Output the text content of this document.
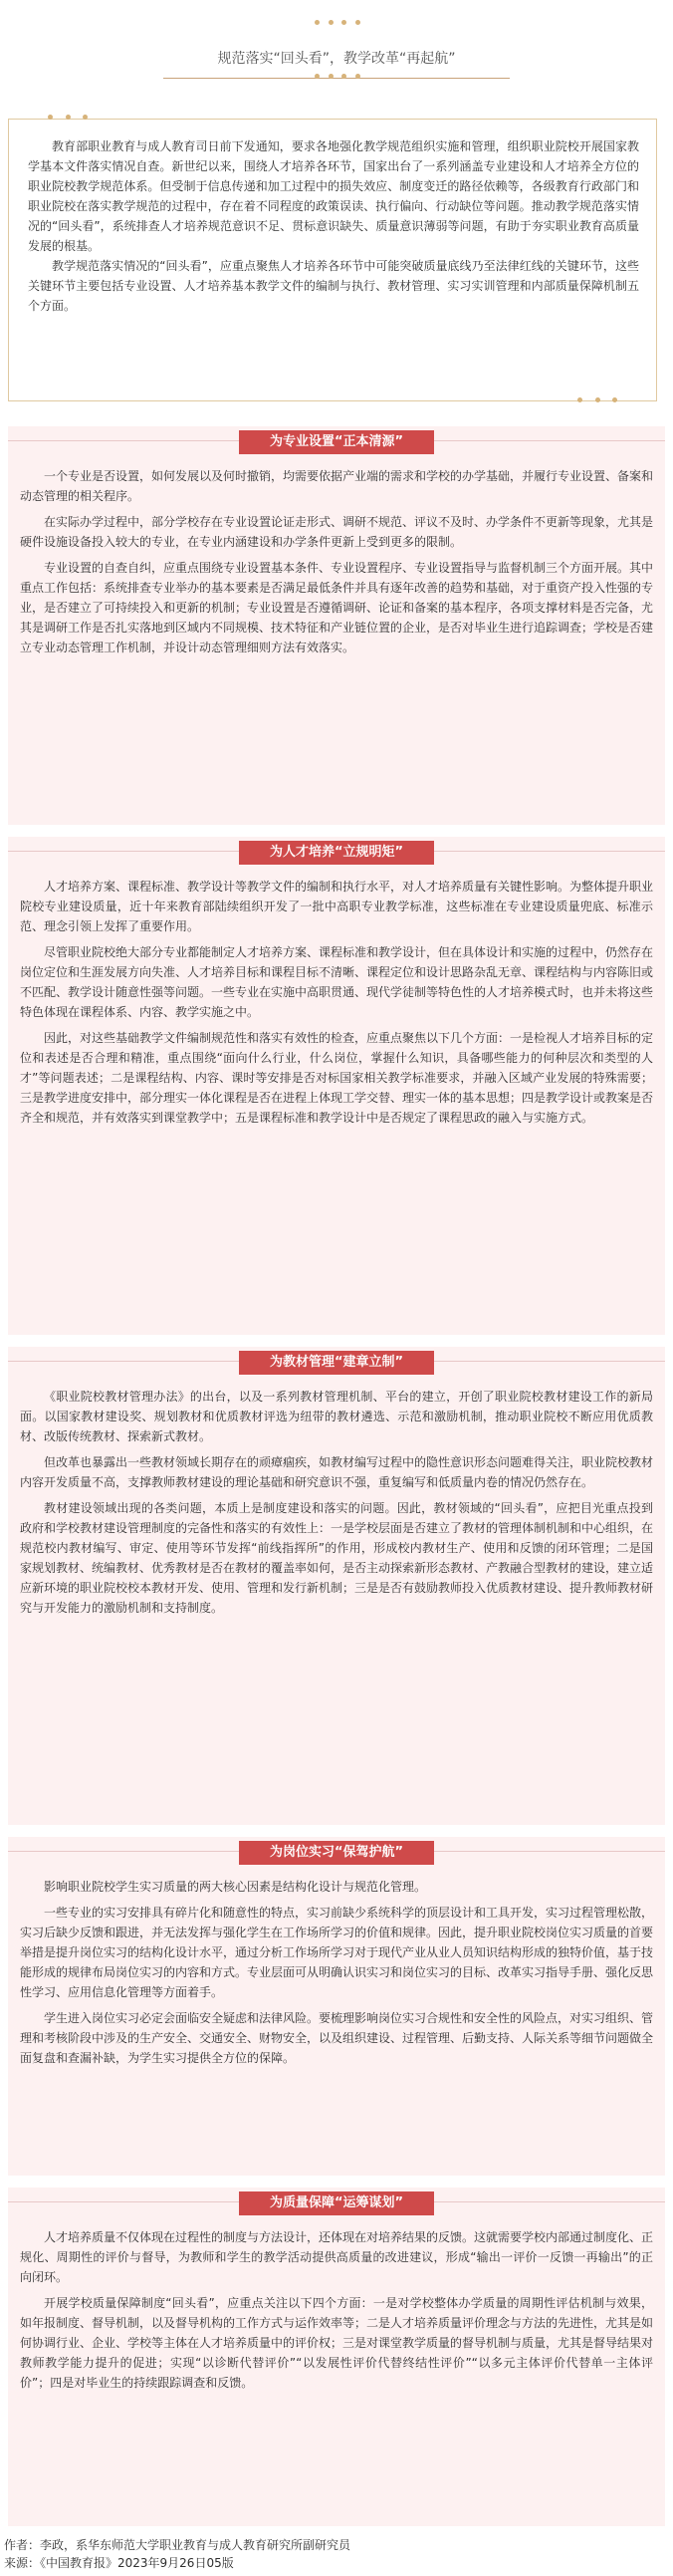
规范落实“回头看”，教学改革“再起航”

教育部职业教育与成人教育司日前下发通知，要求各地强化教学规范组织实施和管理，组织职业院校开展国家教学基本文件落实情况自查。新世纪以来，围绕人才培养各环节，国家出台了一系列涵盖专业建设和人才培养全方位的职业院校教学规范体系。但受制于信息传递和加工过程中的损失效应、制度变迁的路径依赖等，各级教育行政部门和职业院校在落实教学规范的过程中，存在着不同程度的政策误读、执行偏向、行动缺位等问题。推动教学规范落实情况的“回头看”，系统排查人才培养规范意识不足、贯标意识缺失、质量意识薄弱等问题，有助于夯实职业教育高质量发展的根基。

教学规范落实情况的“回头看”，应重点聚焦人才培养各环节中可能突破质量底线乃至法律红线的关键环节，这些关键环节主要包括专业设置、人才培养基本教学文件的编制与执行、教材管理、实习实训管理和内部质量保障机制五个方面。

为专业设置“正本清源”

一个专业是否设置，如何发展以及何时撤销，均需要依据产业端的需求和学校的办学基础，并履行专业设置、备案和动态管理的相关程序。

在实际办学过程中，部分学校存在专业设置论证走形式、调研不规范、评议不及时、办学条件不更新等现象，尤其是硬件设施设备投入较大的专业，在专业内涵建设和办学条件更新上受到更多的限制。

专业设置的自查自纠，应重点围绕专业设置基本条件、专业设置程序、专业设置指导与监督机制三个方面开展。其中重点工作包括：系统排查专业举办的基本要素是否满足最低条件并具有逐年改善的趋势和基础，对于重资产投入性强的专业，是否建立了可持续投入和更新的机制；专业设置是否遵循调研、论证和备案的基本程序，各项支撑材料是否完备，尤其是调研工作是否扎实落地到区域内不同规模、技术特征和产业链位置的企业，是否对毕业生进行追踪调查；学校是否建立专业动态管理工作机制，并设计动态管理细则方法有效落实。

为人才培养“立规明矩”

人才培养方案、课程标准、教学设计等教学文件的编制和执行水平，对人才培养质量有关键性影响。为整体提升职业院校专业建设质量，近十年来教育部陆续组织开发了一批中高职专业教学标准，这些标准在专业建设质量兜底、标准示范、理念引领上发挥了重要作用。

尽管职业院校绝大部分专业都能制定人才培养方案、课程标准和教学设计，但在具体设计和实施的过程中，仍然存在岗位定位和生涯发展方向失准、人才培养目标和课程目标不清晰、课程定位和设计思路杂乱无章、课程结构与内容陈旧或不匹配、教学设计随意性强等问题。一些专业在实施中高职贯通、现代学徒制等特色性的人才培养模式时，也并未将这些特色体现在课程体系、内容、教学实施之中。

因此，对这些基础教学文件编制规范性和落实有效性的检查，应重点聚焦以下几个方面：一是检视人才培养目标的定位和表述是否合理和精准，重点围绕“面向什么行业，什么岗位，掌握什么知识，具备哪些能力的何种层次和类型的人才”等问题表述；二是课程结构、内容、课时等安排是否对标国家相关教学标准要求，并融入区域产业发展的特殊需要；三是教学进度安排中，部分理实一体化课程是否在进程上体现工学交替、理实一体的基本思想；四是教学设计或教案是否齐全和规范，并有效落实到课堂教学中；五是课程标准和教学设计中是否规定了课程思政的融入与实施方式。

为教材管理“建章立制”

《职业院校教材管理办法》的出台，以及一系列教材管理机制、平台的建立，开创了职业院校教材建设工作的新局面。以国家教材建设奖、规划教材和优质教材评选为纽带的教材遴选、示范和激励机制，推动职业院校不断应用优质教材、改版传统教材、探索新式教材。

但改革也暴露出一些教材领域长期存在的顽瘴痼疾，如教材编写过程中的隐性意识形态问题难得关注，职业院校教材内容开发质量不高，支撑教师教材建设的理论基础和研究意识不强，重复编写和低质量内卷的情况仍然存在。

教材建设领域出现的各类问题，本质上是制度建设和落实的问题。因此，教材领域的“回头看”，应把目光重点投到政府和学校教材建设管理制度的完备性和落实的有效性上：一是学校层面是否建立了教材的管理体制机制和中心组织，在规范校内教材编写、审定、使用等环节发挥“前线指挥所”的作用，形成校内教材生产、使用和反馈的闭环管理；二是国家规划教材、统编教材、优秀教材是否在教材的覆盖率如何，是否主动探索新形态教材、产教融合型教材的建设，建立适应新环境的职业院校校本教材开发、使用、管理和发行新机制；三是是否有鼓励教师投入优质教材建设、提升教师教材研究与开发能力的激励机制和支持制度。

为岗位实习“保驾护航”

影响职业院校学生实习质量的两大核心因素是结构化设计与规范化管理。

一些专业的实习安排具有碎片化和随意性的特点，实习前缺少系统科学的顶层设计和工具开发，实习过程管理松散，实习后缺少反馈和跟进，并无法发挥与强化学生在工作场所学习的价值和规律。因此，提升职业院校岗位实习质量的首要举措是提升岗位实习的结构化设计水平，通过分析工作场所学习对于现代产业从业人员知识结构形成的独特价值，基于技能形成的规律布局岗位实习的内容和方式。专业层面可从明确认识实习和岗位实习的目标、改革实习指导手册、强化反思性学习、应用信息化管理等方面着手。

学生进入岗位实习必定会面临安全疑虑和法律风险。要梳理影响岗位实习合规性和安全性的风险点，对实习组织、管理和考核阶段中涉及的生产安全、交通安全、财物安全，以及组织建设、过程管理、后勤支持、人际关系等细节问题做全面复盘和查漏补缺，为学生实习提供全方位的保障。

为质量保障“运筹谋划”

人才培养质量不仅体现在过程性的制度与方法设计，还体现在对培养结果的反馈。这就需要学校内部通过制度化、正规化、周期性的评价与督导，为教师和学生的教学活动提供高质量的改进建议，形成“输出一评价一反馈一再输出”的正向闭环。

开展学校质量保障制度“回头看”，应重点关注以下四个方面：一是对学校整体办学质量的周期性评估机制与效果，如年报制度、督导机制，以及督导机构的工作方式与运作效率等；二是人才培养质量评价理念与方法的先进性，尤其是如何协调行业、企业、学校等主体在人才培养质量中的评价权；三是对课堂教学质量的督导机制与质量，尤其是督导结果对教师教学能力提升的促进；实现“以诊断代替评价”“以发展性评价代替终结性评价”“以多元主体评价代替单一主体评价”；四是对毕业生的持续跟踪调查和反馈。

作者：李政，系华东师范大学职业教育与成人教育研究所副研究员
来源：《中国教育报》2023年9月26日05版
